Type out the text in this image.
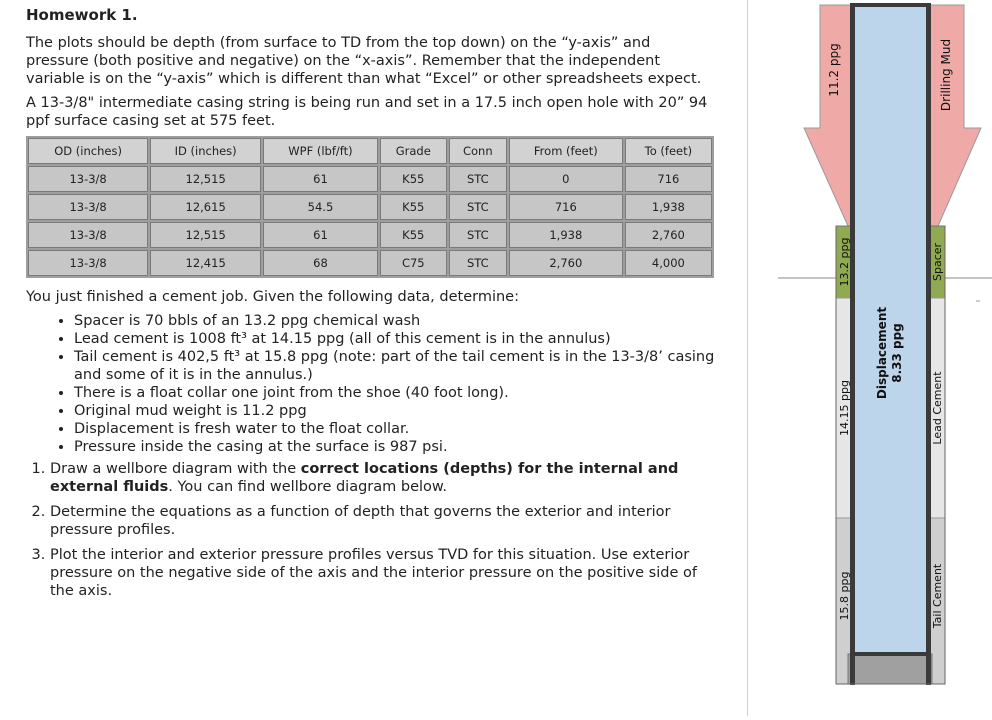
Homework 1.

The plots should be depth (from surface to TD from the top down) on the “y-axis” and pressure (both positive and negative) on the “x-axis”. Remember that the independent variable is on the “y-axis” which is different than what “Excel” or other spreadsheets expect.

A 13-3/8" intermediate casing string is being run and set in a 17.5 inch open hole with 20” 94 ppf surface casing set at 575 feet.

OD (inches)	ID (inches)	WPF (lbf/ft)	Grade	Conn	From (feet)	To (feet)
13-3/8	12,515	61	K55	STC	0	716
13-3/8	12,615	54.5	K55	STC	716	1,938
13-3/8	12,515	61	K55	STC	1,938	2,760
13-3/8	12,415	68	C75	STC	2,760	4,000

You just finished a cement job. Given the following data, determine:

• Spacer is 70 bbls of an 13.2 ppg chemical wash
• Lead cement is 1008 ft³ at 14.15 ppg (all of this cement is in the annulus)
• Tail cement is 402,5 ft³ at 15.8 ppg (note: part of the tail cement is in the 13-3/8’ casing and some of it is in the annulus.)
• There is a float collar one joint from the shoe (40 foot long).
• Original mud weight is 11.2 ppg
• Displacement is fresh water to the float collar.
• Pressure inside the casing at the surface is 987 psi.
1. Draw a wellbore diagram with the correct locations (depths) for the internal and external fluids. You can find wellbore diagram below.
2. Determine the equations as a function of depth that governs the exterior and interior pressure profiles.
3. Plot the interior and exterior pressure profiles versus TVD for this situation. Use exterior pressure on the negative side of the axis and the interior pressure on the positive side of the axis.
11.2 ppg
13.2 ppg
14.15 ppg
15.8 ppg
Drilling Mud
Spacer
Lead Cement
Tail Cement
Displacement 8.33 ppg
